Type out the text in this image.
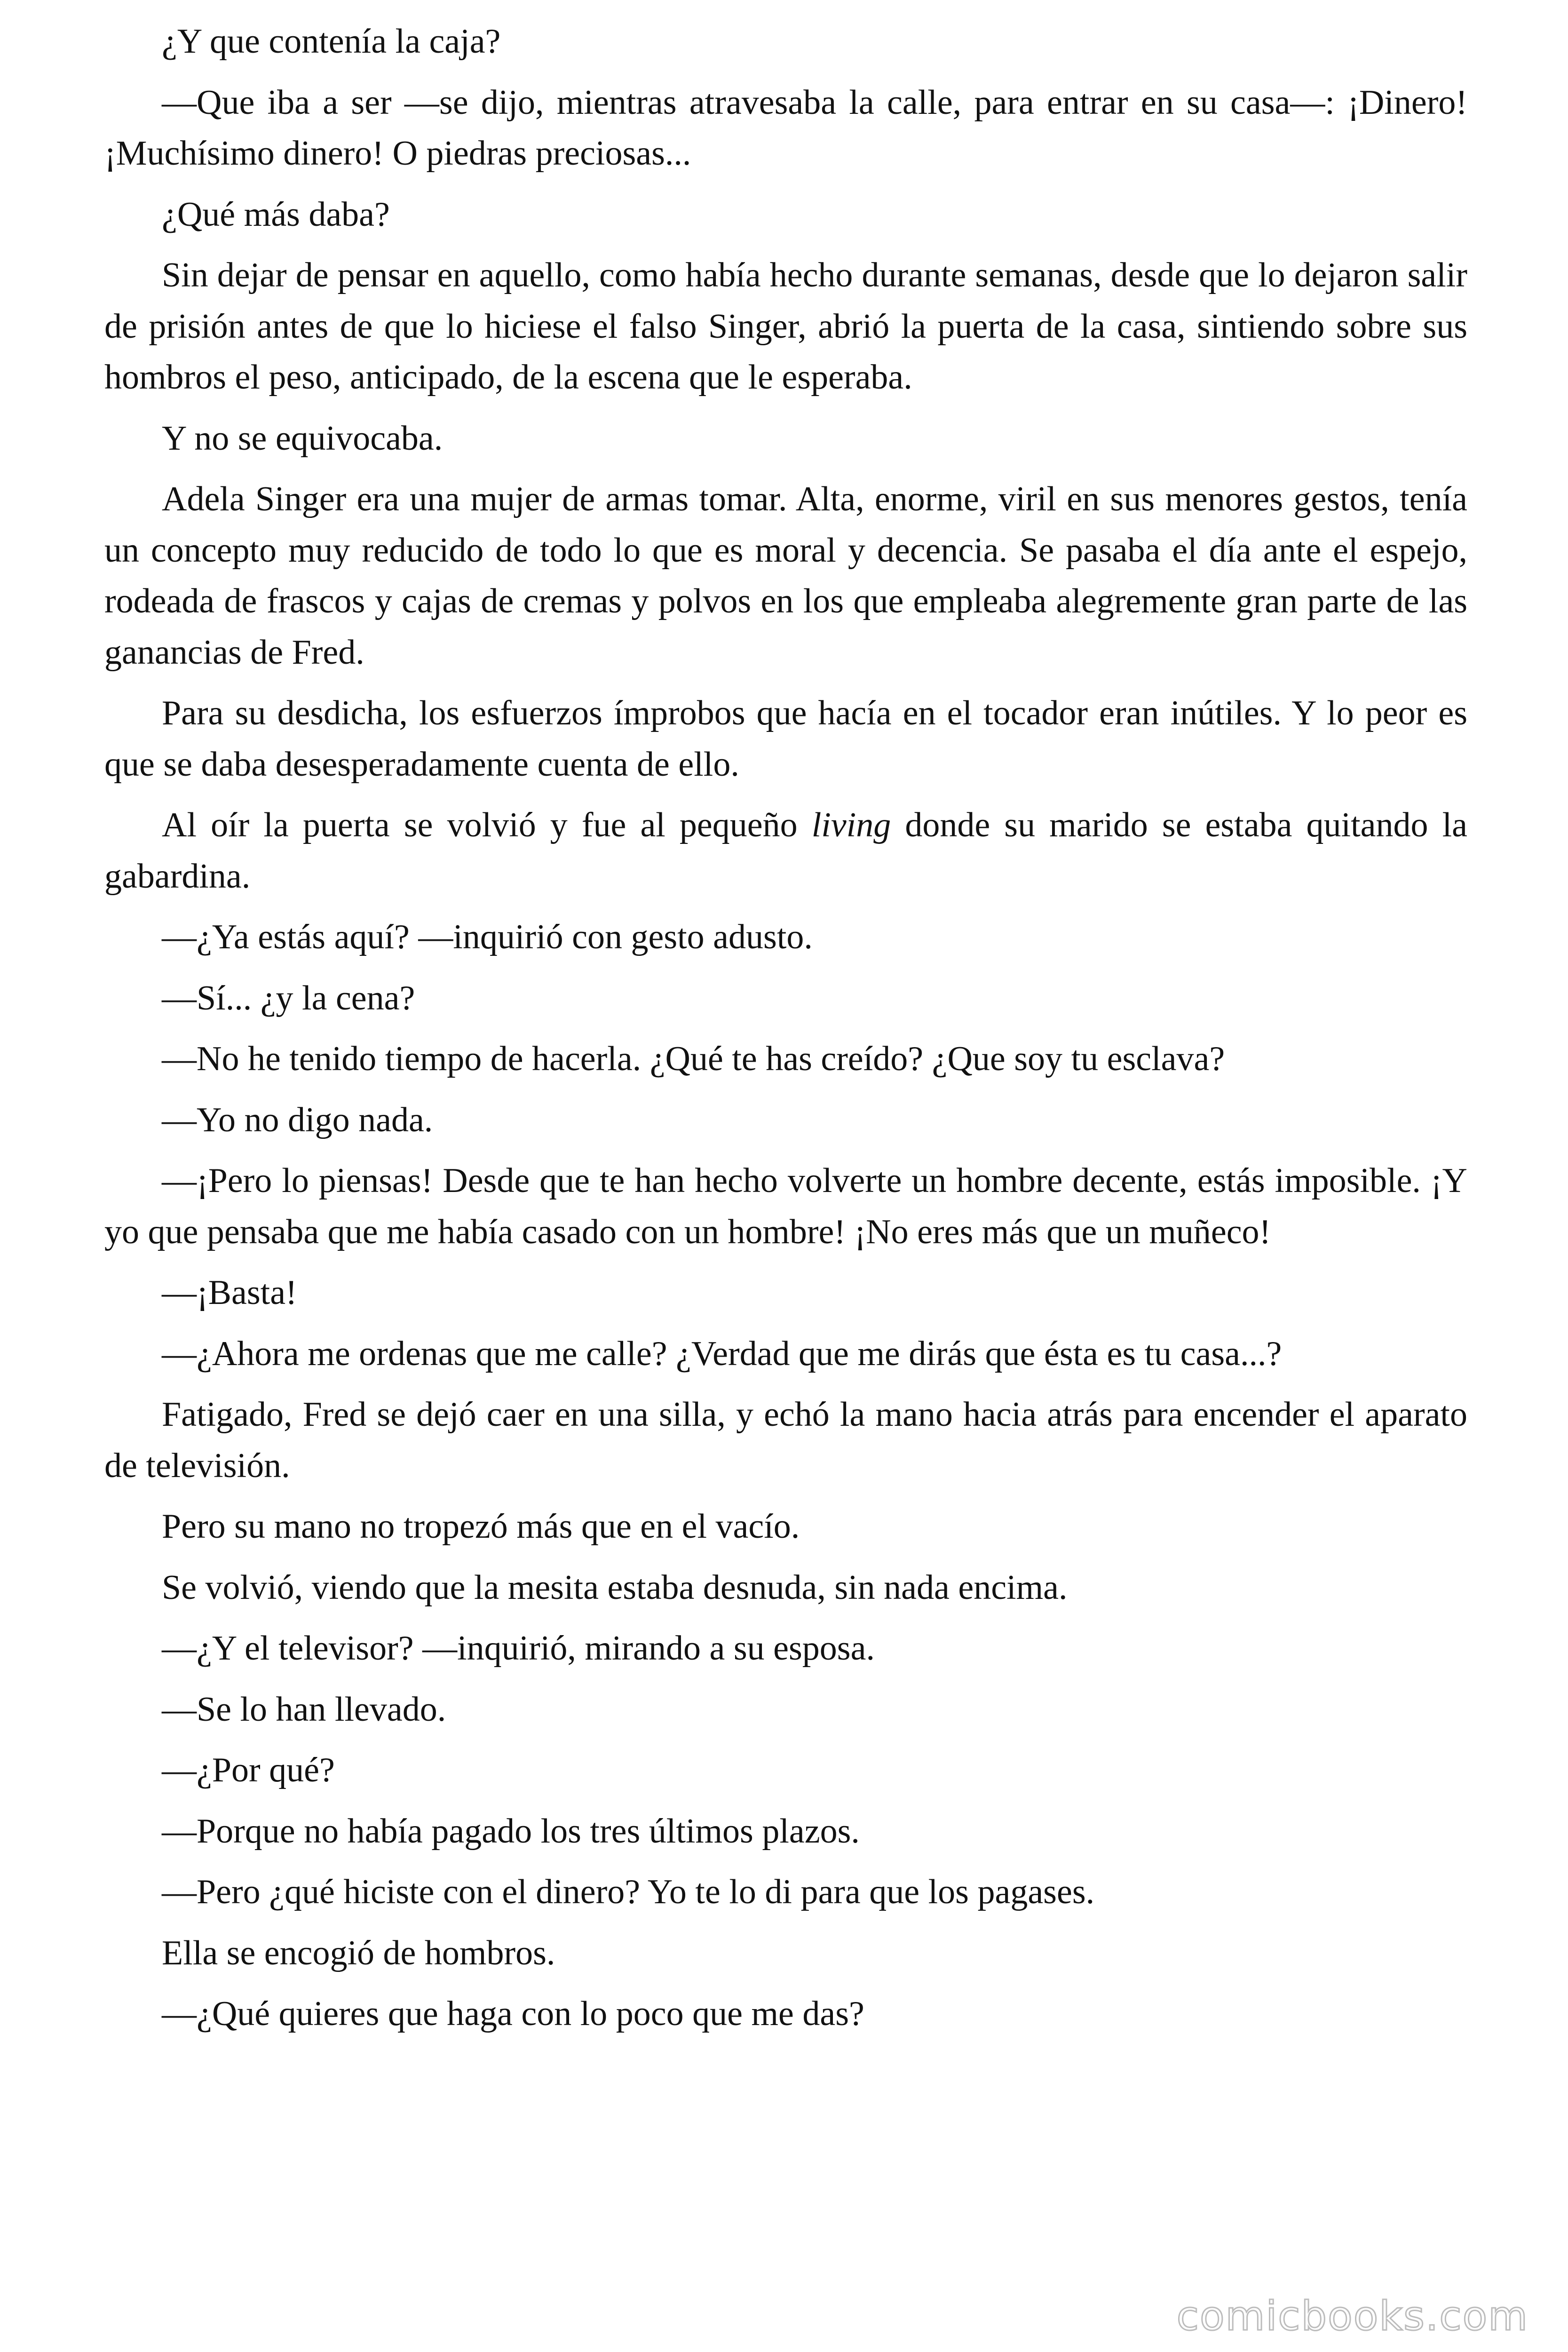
¿Y que contenía la caja?

—Que iba a ser —se dijo, mientras atravesaba la calle, para entrar en su casa—: ¡Dinero! ¡Muchísimo dinero! O piedras preciosas...

¿Qué más daba?

Sin dejar de pensar en aquello, como había hecho durante semanas, desde que lo dejaron salir de prisión antes de que lo hiciese el falso Singer, abrió la puerta de la casa, sintiendo sobre sus hombros el peso, anticipado, de la escena que le esperaba.

Y no se equivocaba.

Adela Singer era una mujer de armas tomar. Alta, enorme, viril en sus menores gestos, tenía un concepto muy reducido de todo lo que es moral y decencia. Se pasaba el día ante el espejo, rodeada de frascos y cajas de cremas y polvos en los que empleaba alegremente gran parte de las ganancias de Fred.

Para su desdicha, los esfuerzos ímprobos que hacía en el tocador eran inútiles. Y lo peor es que se daba desesperadamente cuenta de ello.

Al oír la puerta se volvió y fue al pequeño living donde su marido se estaba quitando la gabardina.

—¿Ya estás aquí? —inquirió con gesto adusto.

—Sí... ¿y la cena?

—No he tenido tiempo de hacerla. ¿Qué te has creído? ¿Que soy tu esclava?

—Yo no digo nada.

—¡Pero lo piensas! Desde que te han hecho volverte un hombre decente, estás imposible. ¡Y yo que pensaba que me había casado con un hombre! ¡No eres más que un muñeco!

—¡Basta!

—¿Ahora me ordenas que me calle? ¿Verdad que me dirás que ésta es tu casa...?

Fatigado, Fred se dejó caer en una silla, y echó la mano hacia atrás para encender el aparato de televisión.

Pero su mano no tropezó más que en el vacío.

Se volvió, viendo que la mesita estaba desnuda, sin nada encima.

—¿Y el televisor? —inquirió, mirando a su esposa.

—Se lo han llevado.

—¿Por qué?

—Porque no había pagado los tres últimos plazos.

—Pero ¿qué hiciste con el dinero? Yo te lo di para que los pagases.

Ella se encogió de hombros.

—¿Qué quieres que haga con lo poco que me das?

comicbooks.com
